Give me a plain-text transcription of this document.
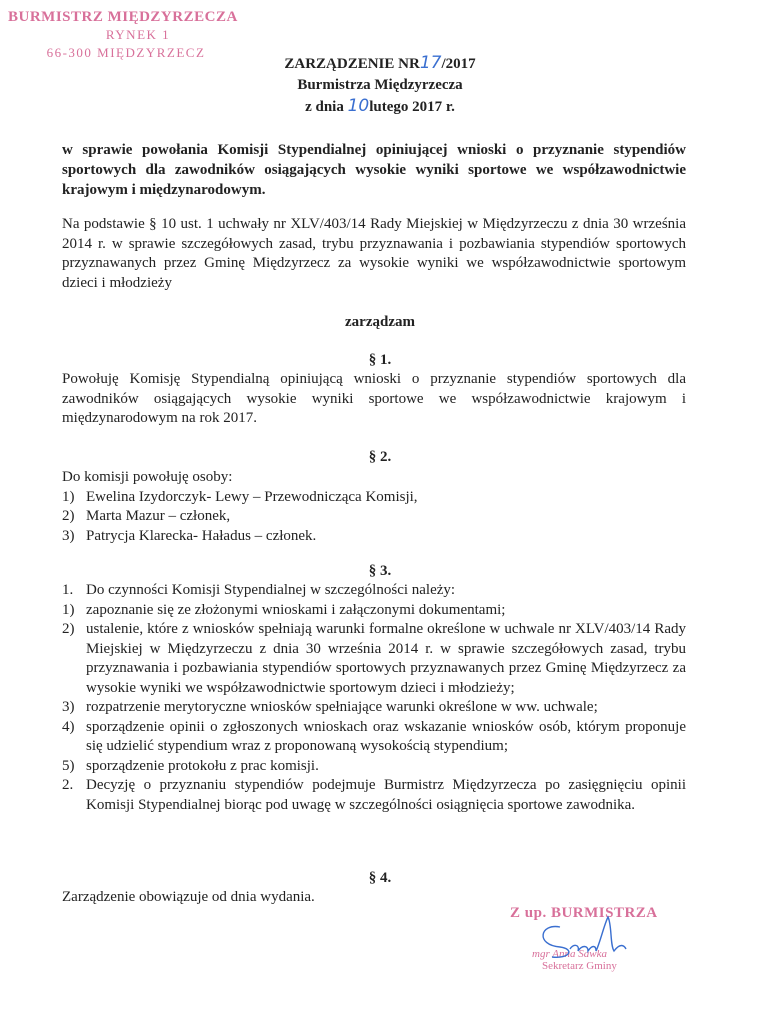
BURMISTRZ MIĘDZYRZECZA
RYNEK 1
66-300 MIĘDZYRZECZ
ZARZĄDZENIE NR17/2017
Burmistrza Międzyrzecza
z dnia 10lutego 2017 r.
w sprawie powołania Komisji Stypendialnej opiniującej wnioski o przyznanie stypendiów sportowych dla zawodników osiągających wysokie wyniki sportowe we współzawodnictwie krajowym i międzynarodowym.
Na podstawie § 10 ust. 1 uchwały nr XLV/403/14 Rady Miejskiej w Międzyrzeczu z dnia 30 września 2014 r. w sprawie szczegółowych zasad, trybu przyznawania i pozbawiania stypendiów sportowych przyznawanych przez Gminę Międzyrzecz za wysokie wyniki we współzawodnictwie sportowym dzieci i młodzieży
zarządzam
§ 1.
Powołuję Komisję Stypendialną opiniującą wnioski o przyznanie stypendiów sportowych dla zawodników osiągających wysokie wyniki sportowe we współzawodnictwie krajowym i międzynarodowym na rok 2017.
§ 2.
Do komisji powołuję osoby:
1) Ewelina Izydorczyk- Lewy – Przewodnicząca Komisji,
2) Marta Mazur – członek,
3) Patrycja Klarecka- Haładus – członek.
§ 3.
1. Do czynności Komisji Stypendialnej w szczególności należy:
1) zapoznanie się ze złożonymi wnioskami i załączonymi dokumentami;
2) ustalenie, które z wniosków spełniają warunki formalne określone w uchwale nr XLV/403/14 Rady Miejskiej w Międzyrzeczu z dnia 30 września 2014 r. w sprawie szczegółowych zasad, trybu przyznawania i pozbawiania stypendiów sportowych przyznawanych przez Gminę Międzyrzecz za wysokie wyniki we współzawodnictwie sportowym dzieci i młodzieży;
3) rozpatrzenie merytoryczne wniosków spełniające warunki określone w ww. uchwale;
4) sporządzenie opinii o zgłoszonych wnioskach oraz wskazanie wniosków osób, którym proponuje się udzielić stypendium wraz z proponowaną wysokością stypendium;
5) sporządzenie protokołu z prac komisji.
2. Decyzję o przyznaniu stypendiów podejmuje Burmistrz Międzyrzecza po zasięgnięciu opinii Komisji Stypendialnej biorąc pod uwagę w szczególności osiągnięcia sportowe zawodnika.
§ 4.
Zarządzenie obowiązuje od dnia wydania.
Z up. BURMISTRZA
mgr Anna Sawka
Sekretarz Gminy
